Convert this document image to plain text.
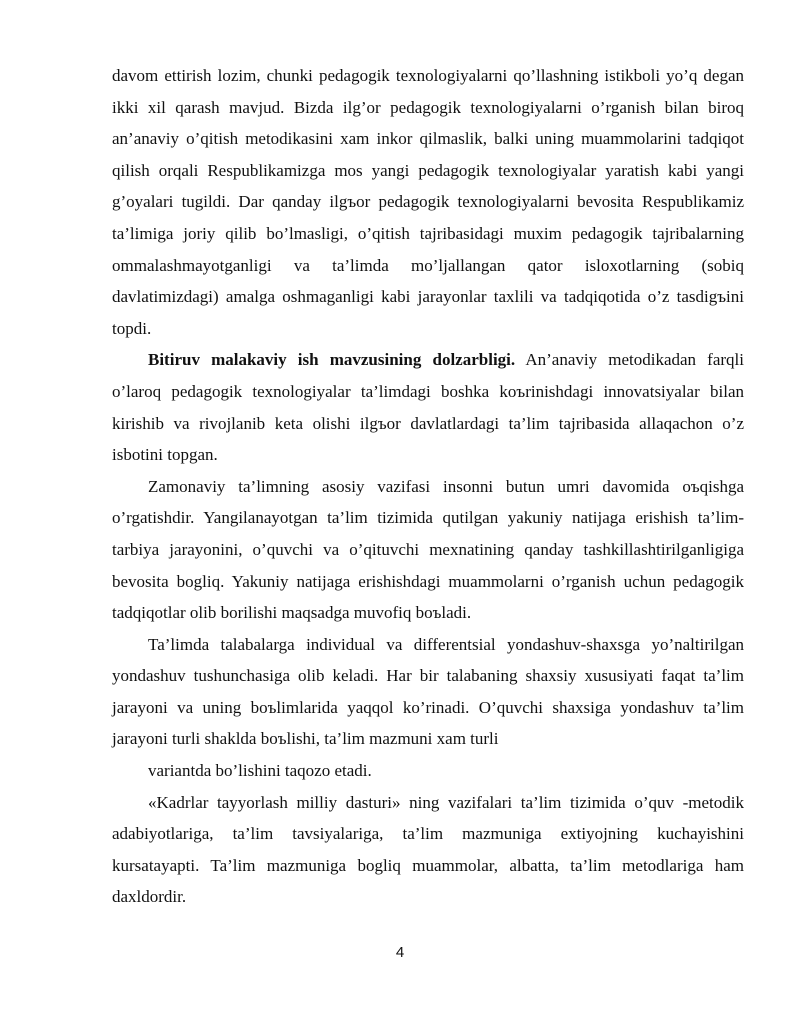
davom ettirish lozim, chunki pedagogik texnologiyalarni qo’llashning istikboli yo’q degan ikki xil qarash mavjud. Bizda ilg’or pedagogik texnologiyalarni o’rganish bilan biroq an’anaviy o’qitish metodikasini xam inkor qilmaslik, balki uning muammolarini tadqiqot qilish orqali Respublikamizga mos yangi pedagogik texnologiyalar yaratish kabi yangi g’oyalari tugildi. Dar qanday ilgъor pedagogik texnologiyalarni bevosita Respublikamiz ta’limiga joriy qilib bo’lmasligi, o’qitish tajribasidagi muxim pedagogik tajribalarning ommalashmayotganligi va ta’limda mo’ljallangan qator isloxotlarning (sobiq davlatimizdagi) amalga oshmaganligi kabi jarayonlar taxlili va tadqiqotida o’z tasdigъini topdi.

Bitiruv malakaviy ish mavzusining dolzarbligi. An’anaviy metodikadan farqli o’laroq pedagogik texnologiyalar ta’limdagi boshka koъrinishdagi innovatsiyalar bilan kirishib va rivojlanib keta olishi ilgъor davlatlardagi ta’lim tajribasida allaqachon o’z isbotini topgan.

Zamonaviy ta’limning asosiy vazifasi insonni butun umri davomida oъqishga o’rgatishdir. Yangilanayotgan ta’lim tizimida qutilgan yakuniy natijaga erishish ta’lim- tarbiya jarayonini, o’quvchi va o’qituvchi mexnatining qanday tashkillashtirilganligiga bevosita bogliq. Yakuniy natijaga erishishdagi muammolarni o’rganish uchun pedagogik tadqiqotlar olib borilishi maqsadga muvofiq boъladi.

Ta’limda talabalarga individual va differentsial yondashuv-shaxsga yo’naltirilgan yondashuv tushunchasiga olib keladi. Har bir talabaning shaxsiy xususiyati faqat ta’lim jarayoni va uning boъlimlarida yaqqol ko’rinadi. O’quvchi shaxsiga yondashuv ta’lim jarayoni turli shaklda boъlishi, ta’lim mazmuni xam turli

variantda bo’lishini taqozo etadi.

«Kadrlar tayyorlash milliy dasturi» ning vazifalari ta’lim tizimida o’quv -metodik adabiyotlariga, ta’lim tavsiyalariga, ta’lim mazmuniga extiyojning kuchayishini kursatayapti. Ta’lim mazmuniga bogliq muammolar, albatta, ta’lim metodlariga ham daxldordir.

4
